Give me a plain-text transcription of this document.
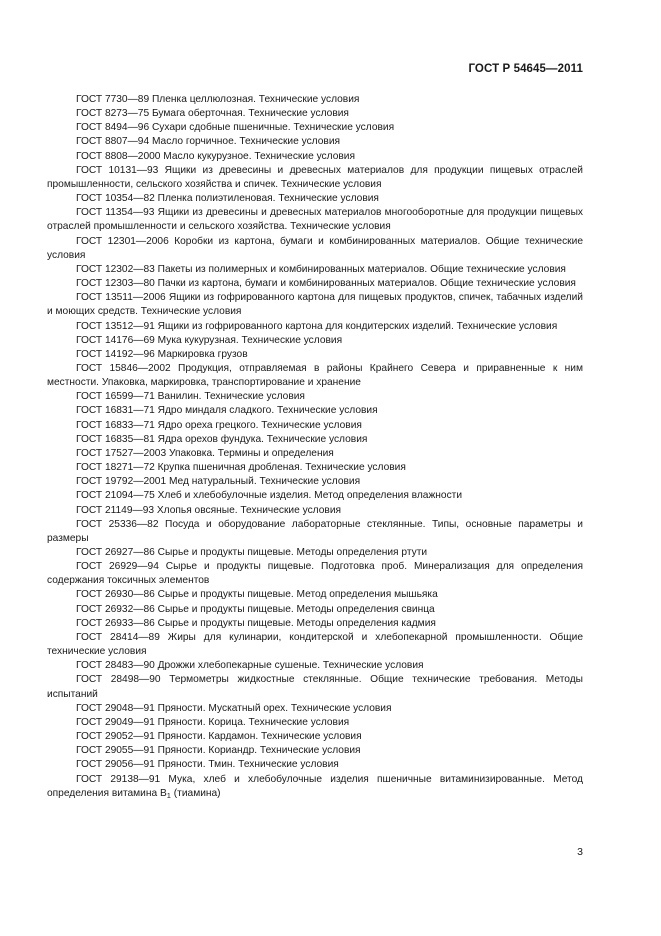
ГОСТ Р 54645—2011

ГОСТ 7730—89 Пленка целлюлозная. Технические условия

ГОСТ 8273—75 Бумага оберточная. Технические условия

ГОСТ 8494—96 Сухари сдобные пшеничные. Технические условия

ГОСТ 8807—94 Масло горчичное. Технические условия

ГОСТ 8808—2000 Масло кукурузное. Технические условия

ГОСТ 10131—93 Ящики из древесины и древесных материалов для продукции пищевых отраслей промышленности, сельского хозяйства и спичек. Технические условия

ГОСТ 10354—82 Пленка полиэтиленовая. Технические условия

ГОСТ 11354—93 Ящики из древесины и древесных материалов многооборотные для продукции пищевых отраслей промышленности и сельского хозяйства. Технические условия

ГОСТ 12301—2006 Коробки из картона, бумаги и комбинированных материалов. Общие технические условия

ГОСТ 12302—83 Пакеты из полимерных и комбинированных материалов. Общие технические условия

ГОСТ 12303—80 Пачки из картона, бумаги и комбинированных материалов. Общие технические условия

ГОСТ 13511—2006 Ящики из гофрированного картона для пищевых продуктов, спичек, табачных изделий и моющих средств. Технические условия

ГОСТ 13512—91 Ящики из гофрированного картона для кондитерских изделий. Технические условия

ГОСТ 14176—69 Мука кукурузная. Технические условия

ГОСТ 14192—96 Маркировка грузов

ГОСТ 15846—2002 Продукция, отправляемая в районы Крайнего Севера и приравненные к ним местности. Упаковка, маркировка, транспортирование и хранение

ГОСТ 16599—71 Ванилин. Технические условия

ГОСТ 16831—71 Ядро миндаля сладкого. Технические условия

ГОСТ 16833—71 Ядро ореха грецкого. Технические условия

ГОСТ 16835—81 Ядра орехов фундука. Технические условия

ГОСТ 17527—2003 Упаковка. Термины и определения

ГОСТ 18271—72 Крупка пшеничная дробленая. Технические условия

ГОСТ 19792—2001 Мед натуральный. Технические условия

ГОСТ 21094—75 Хлеб и хлебобулочные изделия. Метод определения влажности

ГОСТ 21149—93 Хлопья овсяные. Технические условия

ГОСТ 25336—82 Посуда и оборудование лабораторные стеклянные. Типы, основные параметры и размеры

ГОСТ 26927—86 Сырье и продукты пищевые. Методы определения ртути

ГОСТ 26929—94 Сырье и продукты пищевые. Подготовка проб. Минерализация для определения содержания токсичных элементов

ГОСТ 26930—86 Сырье и продукты пищевые. Метод определения мышьяка

ГОСТ 26932—86 Сырье и продукты пищевые. Методы определения свинца

ГОСТ 26933—86 Сырье и продукты пищевые. Методы определения кадмия

ГОСТ 28414—89 Жиры для кулинарии, кондитерской и хлебопекарной промышленности. Общие технические условия

ГОСТ 28483—90 Дрожжи хлебопекарные сушеные. Технические условия

ГОСТ 28498—90 Термометры жидкостные стеклянные. Общие технические требования. Методы испытаний

ГОСТ 29048—91 Пряности. Мускатный орех. Технические условия

ГОСТ 29049—91 Пряности. Корица. Технические условия

ГОСТ 29052—91 Пряности. Кардамон. Технические условия

ГОСТ 29055—91 Пряности. Кориандр. Технические условия

ГОСТ 29056—91 Пряности. Тмин. Технические условия

ГОСТ 29138—91 Мука, хлеб и хлебобулочные изделия пшеничные витаминизированные. Метод определения витамина $В_1$ (тиамина)

3
